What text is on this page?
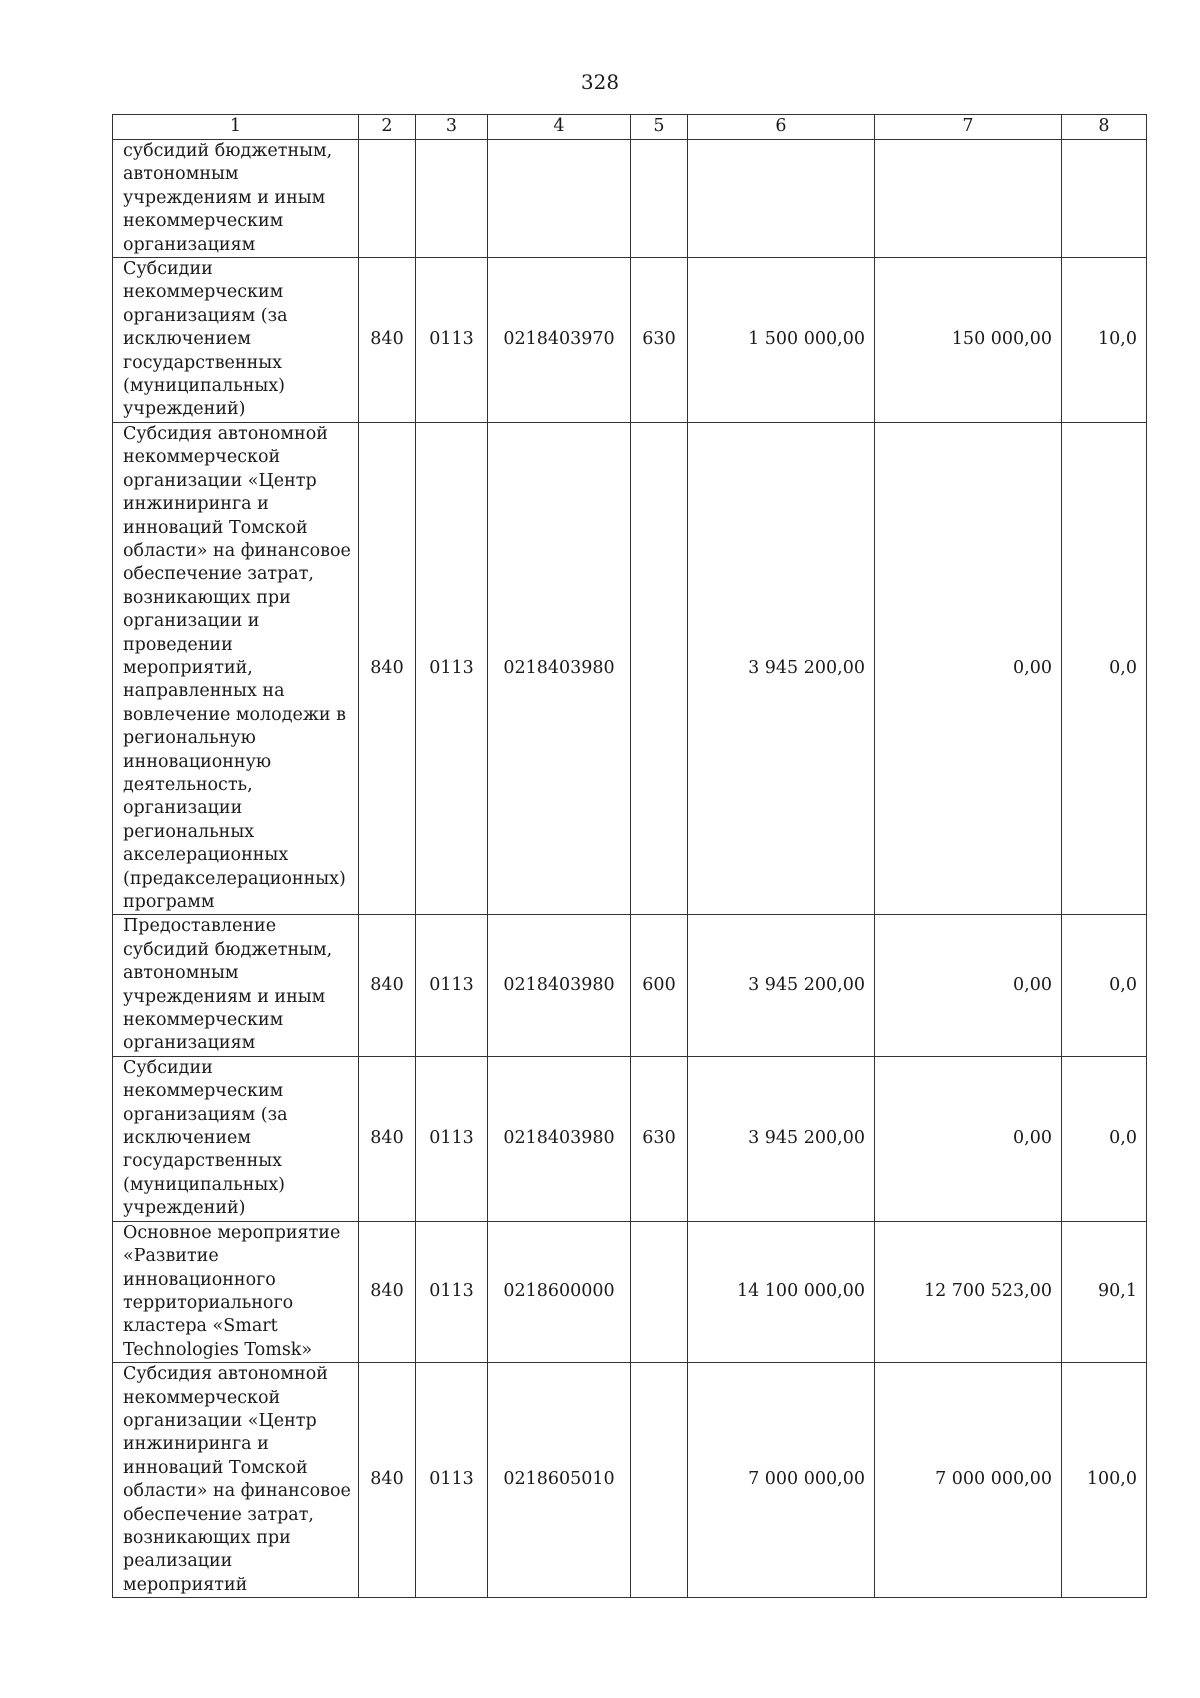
328
1	2	3	4	5	6	7	8
субсидий бюджетным, автономным учреждениям и иным некоммерческим организациям							
Субсидии некоммерческим организациям (за исключением государственных (муниципальных) учреждений)	840	0113	0218403970	630	1 500 000,00	150 000,00	10,0
Субсидия автономной некоммерческой организации «Центр инжиниринга и инноваций Томской области» на финансовое обеспечение затрат, возникающих при организации и проведении мероприятий, направленных на вовлечение молодежи в региональную инновационную деятельность, организации региональных акселерационных (предакселерационных) программ	840	0113	0218403980		3 945 200,00	0,00	0,0
Предоставление субсидий бюджетным, автономным учреждениям и иным некоммерческим организациям	840	0113	0218403980	600	3 945 200,00	0,00	0,0
Субсидии некоммерческим организациям (за исключением государственных (муниципальных) учреждений)	840	0113	0218403980	630	3 945 200,00	0,00	0,0
Основное мероприятие «Развитие инновационного территориального кластера «Smart Technologies Tomsk»	840	0113	0218600000		14 100 000,00	12 700 523,00	90,1
Субсидия автономной некоммерческой организации «Центр инжиниринга и инноваций Томской области» на финансовое обеспечение затрат, возникающих при реализации мероприятий	840	0113	0218605010		7 000 000,00	7 000 000,00	100,0
